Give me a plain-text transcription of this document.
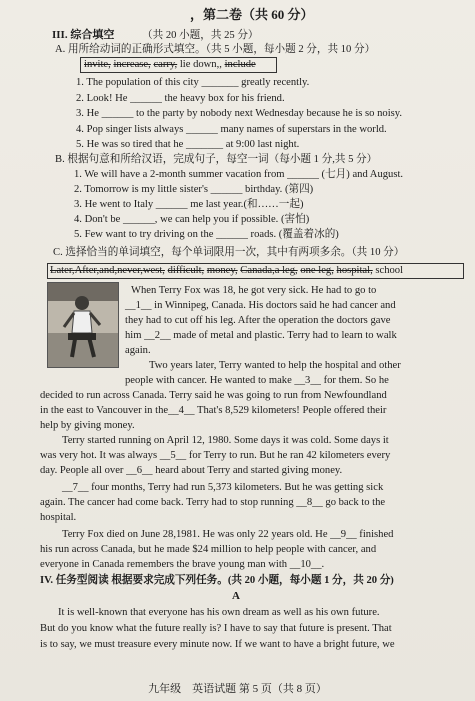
，第二卷（共 60 分）
III. 综合填空	（共 20 小题，共 25 分）
A. 用所给动词的正确形式填空。（共 5 小题，每小题 2 分，共 10 分）
invite, increase, carry, lie down,, include
1. The population of this city _______ greatly recently.
2. Look! He ______ the heavy box for his friend.
3. He ______ to the party by nobody next Wednesday because he is so noisy.
4. Pop singer lists always ______ many names of superstars in the world.
5. He was so tired that he _______ at 9:00 last night.
B. 根据句意和所给汉语，完成句子，每空一词（每小题 1 分,共 5 分）
1. We will have a 2-month summer vacation from ______ (七月) and August.
2. Tomorrow is my little sister's ______ birthday. (第四)
3. He went to Italy ______ me last year.(和……一起)
4. Don't be ______, we can help you if possible. (害怕)
5. Few want to try driving on the ______ roads. (覆盖着冰的)
C. 选择恰当的单词填空，每个单词限用一次，其中有两项多余。（共 10 分）
Later,After,and,never,west, difficult, money, Canada,a leg, one leg, hospital, school
When Terry Fox was 18, he got very sick. He had to go to
__1__ in Winnipeg, Canada. His doctors said he had cancer and
they had to cut off his leg. After the operation the doctors gave
him __2__ made of metal and plastic. Terry had to learn to walk
again.
Two years later, Terry wanted to help the hospital and other
people with cancer. He wanted to make __3__ for them. So he
decided to run across Canada. Terry said he was going to run from Newfoundland
in the east to Vancouver in the__4__ That's 8,529 kilometers! People offered their
help by giving money.
Terry started running on April 12, 1980. Some days it was cold. Some days it
was very hot. It was always __5__ for Terry to run. But he ran 42 kilometers every
day. People all over __6__ heard about Terry and started giving money.
__7__ four months, Terry had run 5,373 kilometers. But he was getting sick
again. The cancer had come back. Terry had to stop running __8__ go back to the
hospital.
Terry Fox died on June 28,1981. He was only 22 years old. He __9__ finished
his run across Canada, but he made $24 million to help people with cancer, and
everyone in Canada remembers the brave young man with __10__.
IV. 任务型阅读 根据要求完成下列任务。(共 20 小题，每小题 1 分，共 20 分)
A
It is well-known that everyone has his own dream as well as his own future.
But do you know what the future really is? I have to say that future is present. That
is to say, we must treasure every minute now. If we want to have a bright future, we
九年级　英语试题 第 5 页（共 8 页）
